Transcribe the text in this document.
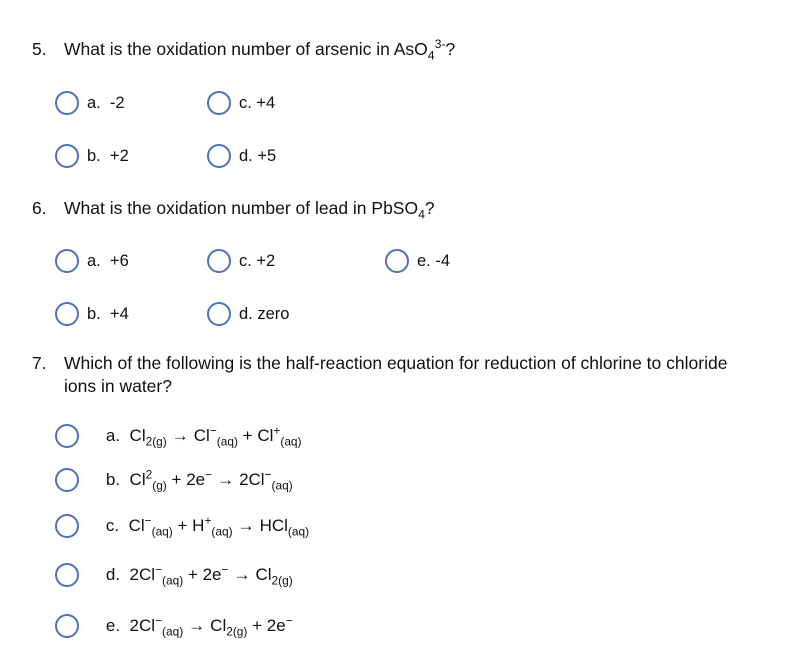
5. What is the oxidation number of arsenic in AsO$_4^{3-}$?
a.  -2	c. +4
b.  +2	d. +5
6. What is the oxidation number of lead in PbSO$_4$?
a.  +6	c. +2	e. -4
b.  +4	d. zero
7. Which of the following is the half-reaction equation for reduction of chlorine to chloride
ions in water?

a. $Cl_{2(g)} \to Cl^-_{(aq)} + Cl^+_{(aq)}$

b. $Cl^2_{(g)} + 2e^- \to 2Cl^-_{(aq)}$

c. $Cl^-_{(aq)} + H^+_{(aq)} \to HCl_{(aq)}$

d. $2Cl^-_{(aq)} + 2e^- \to Cl_{2(g)}$

e. $2Cl^-_{(aq)} \to Cl_{2(g)} + 2e^-$
